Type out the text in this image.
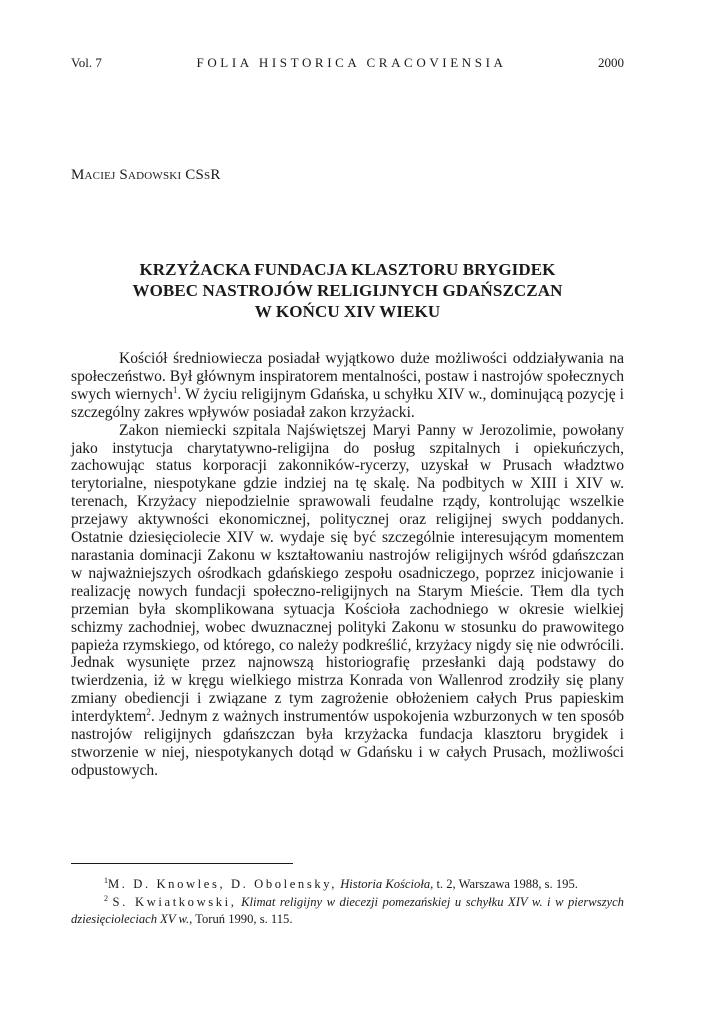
Vol. 7	FOLIA HISTORICA CRACOVIENSIA	2000
Maciej Sadowski CSsR
KRZYŻACKA FUNDACJA KLASZTORU BRYGIDEK
WOBEC NASTROJÓW RELIGIJNYCH GDAŃSZCZAN
W KOŃCU XIV WIEKU

Kościół średniowiecza posiadał wyjątkowo duże możliwości oddziaływania na społeczeństwo. Był głównym inspiratorem mentalności, postaw i nastrojów społecznych swych wiernych$^1$. W życiu religijnym Gdańska, u schyłku XIV w., dominującą pozycję i szczególny zakres wpływów posiadał zakon krzyżacki.

Zakon niemiecki szpitala Najświętszej Maryi Panny w Jerozolimie, powołany jako instytucja charytatywno-religijna do posług szpitalnych i opiekuńczych, zachowując status korporacji zakonników-rycerzy, uzyskał w Prusach władztwo terytorialne, niespotykane gdzie indziej na tę skalę. Na podbitych w XIII i XIV w. terenach, Krzyżacy niepodzielnie sprawowali feudalne rządy, kontrolując wszelkie przejawy aktywności ekonomicznej, politycznej oraz religijnej swych poddanych. Ostatnie dziesięciolecie XIV w. wydaje się być szczególnie interesującym momentem narastania dominacji Zakonu w kształtowaniu nastrojów religijnych wśród gdańszczan w najważniejszych ośrodkach gdańskiego zespołu osadniczego, poprzez inicjowanie i realizację nowych fundacji społeczno-religijnych na Starym Mieście. Tłem dla tych przemian była skomplikowana sytuacja Kościoła zachodniego w okresie wielkiej schizmy zachodniej, wobec dwuznacznej polityki Zakonu w stosunku do prawowitego papieża rzymskiego, od którego, co należy podkreślić, krzyżacy nigdy się nie odwrócili. Jednak wysunięte przez najnowszą historiografię przesłanki dają podstawy do twierdzenia, iż w kręgu wielkiego mistrza Konrada von Wallenrod zrodziły się plany zmiany obediencji i związane z tym zagrożenie obłożeniem całych Prus papieskim interdyktem$^2$. Jednym z ważnych instrumentów uspokojenia wzburzonych w ten sposób nastrojów religijnych gdańszczan była krzyżacka fundacja klasztoru brygidek i stworzenie w niej, niespotykanych dotąd w Gdańsku i w całych Prusach, możliwości odpustowych.

$^1$M. D. Knowles, D. Obolensky, Historia Kościoła, t. 2, Warszawa 1988, s. 195.

$^2$ S. Kwiatkowski, Klimat religijny w diecezji pomezańskiej u schyłku XIV w. i w pierwszych dziesięcioleciach XV w., Toruń 1990, s. 115.
